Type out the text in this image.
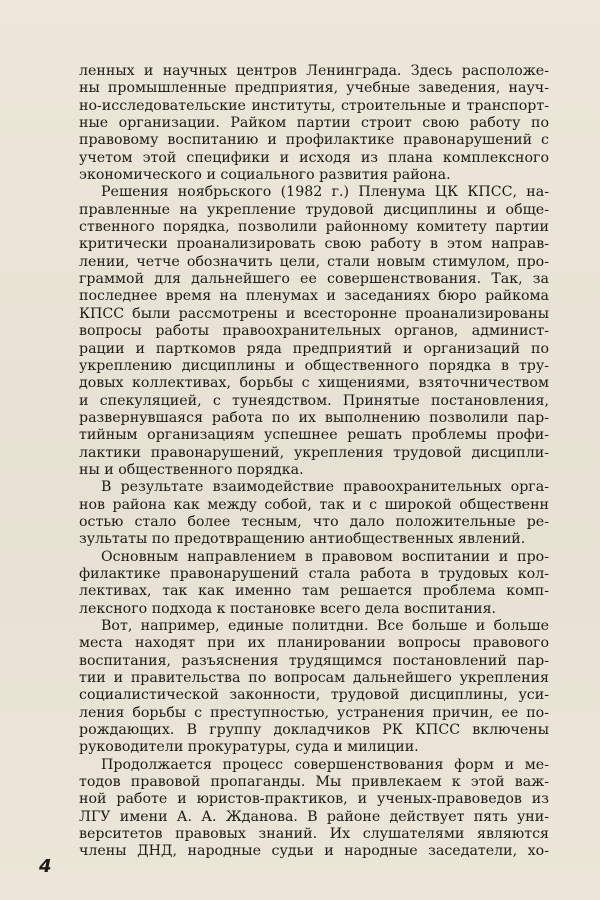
ленных и научных центров Ленинграда. Здесь расположе-
ны промышленные предприятия, учебные заведения, науч-
но-исследовательские институты, строительные и транспорт-
ные организации. Райком партии строит свою работу по
правовому воспитанию и профилактике правонарушений с
учетом этой специфики и исходя из плана комплексного
экономического и социального развития района.
Решения ноябрьского (1982 г.) Пленума ЦК КПСС, на-
правленные на укрепление трудовой дисциплины и обще-
ственного порядка, позволили районному комитету партии
критически проанализировать свою работу в этом направ-
лении, четче обозначить цели, стали новым стимулом, про-
граммой для дальнейшего ее совершенствования. Так, за
последнее время на пленумах и заседаниях бюро райкома
КПСС были рассмотрены и всесторонне проанализированы
вопросы работы правоохранительных органов, админист-
рации и парткомов ряда предприятий и организаций по
укреплению дисциплины и общественного порядка в тру-
довых коллективах, борьбы с хищениями, взяточничеством
и спекуляцией, с тунеядством. Принятые постановления,
развернувшаяся работа по их выполнению позволили пар-
тийным организациям успешнее решать проблемы профи-
лактики правонарушений, укрепления трудовой дисципли-
ны и общественного порядка.
В результате взаимодействие правоохранительных орга-
нов района как между собой, так и с широкой общественн
остью стало более тесным, что дало положительные ре-
зультаты по предотвращению антиобщественных явлений.
Основным направлением в правовом воспитании и про-
филактике правонарушений стала работа в трудовых кол-
лективах, так как именно там решается проблема комп-
лексного подхода к постановке всего дела воспитания.
Вот, например, единые политдни. Все больше и больше
места находят при их планировании вопросы правового
воспитания, разъяснения трудящимся постановлений пар-
тии и правительства по вопросам дальнейшего укрепления
социалистической законности, трудовой дисциплины, уси-
ления борьбы с преступностью, устранения причин, ее по-
рождающих. В группу докладчиков РК КПСС включены
руководители прокуратуры, суда и милиции.
Продолжается процесс совершенствования форм и ме-
тодов правовой пропаганды. Мы привлекаем к этой важ-
ной работе и юристов-практиков, и ученых-правоведов из
ЛГУ имени А. А. Жданова. В районе действует пять уни-
верситетов правовых знаний. Их слушателями являются
члены ДНД, народные судьи и народные заседатели, хо-
4
